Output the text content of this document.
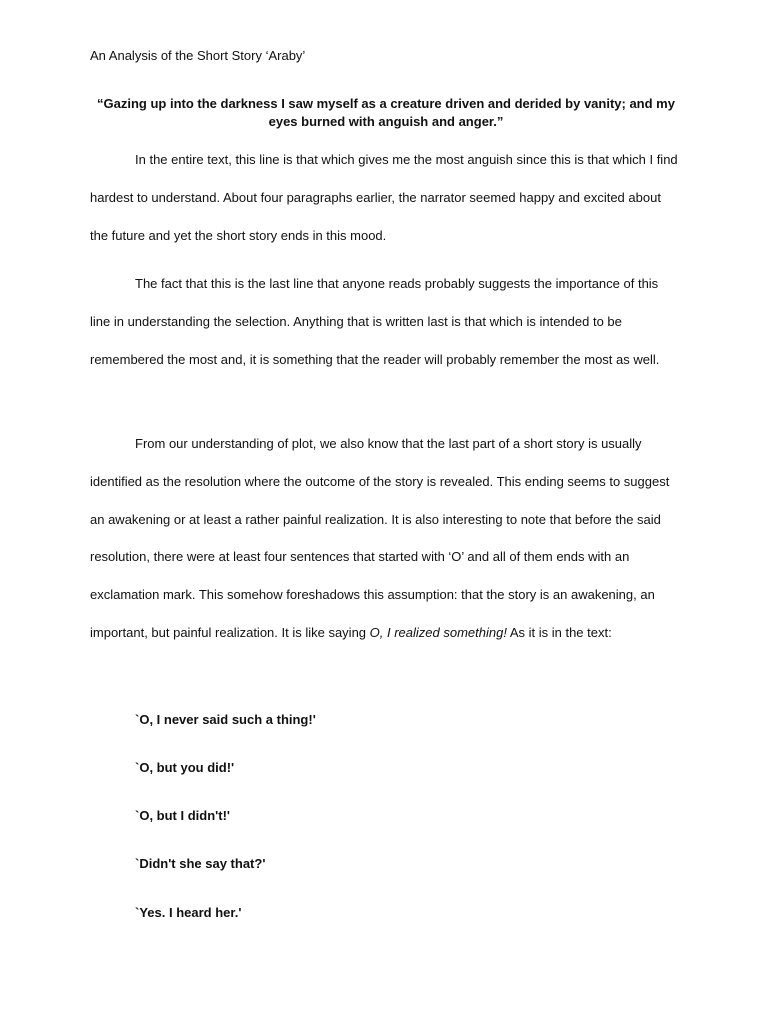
An Analysis of the Short Story ‘Araby’
“Gazing up into the darkness I saw myself as a creature driven and derided by vanity; and my eyes burned with anguish and anger.”

In the entire text, this line is that which gives me the most anguish since this is that which I find hardest to understand. About four paragraphs earlier, the narrator seemed happy and excited about the future and yet the short story ends in this mood.

The fact that this is the last line that anyone reads probably suggests the importance of this line in understanding the selection. Anything that is written last is that which is intended to be remembered the most and, it is something that the reader will probably remember the most as well.

From our understanding of plot, we also know that the last part of a short story is usually identified as the resolution where the outcome of the story is revealed. This ending seems to suggest an awakening or at least a rather painful realization. It is also interesting to note that before the said resolution, there were at least four sentences that started with ‘O’ and all of them ends with an exclamation mark. This somehow foreshadows this assumption: that the story is an awakening, an important, but painful realization. It is like saying O, I realized something! As it is in the text:

`O, I never said such a thing!'
`O, but you did!'
`O, but I didn't!'
`Didn't she say that?'
`Yes. I heard her.'
